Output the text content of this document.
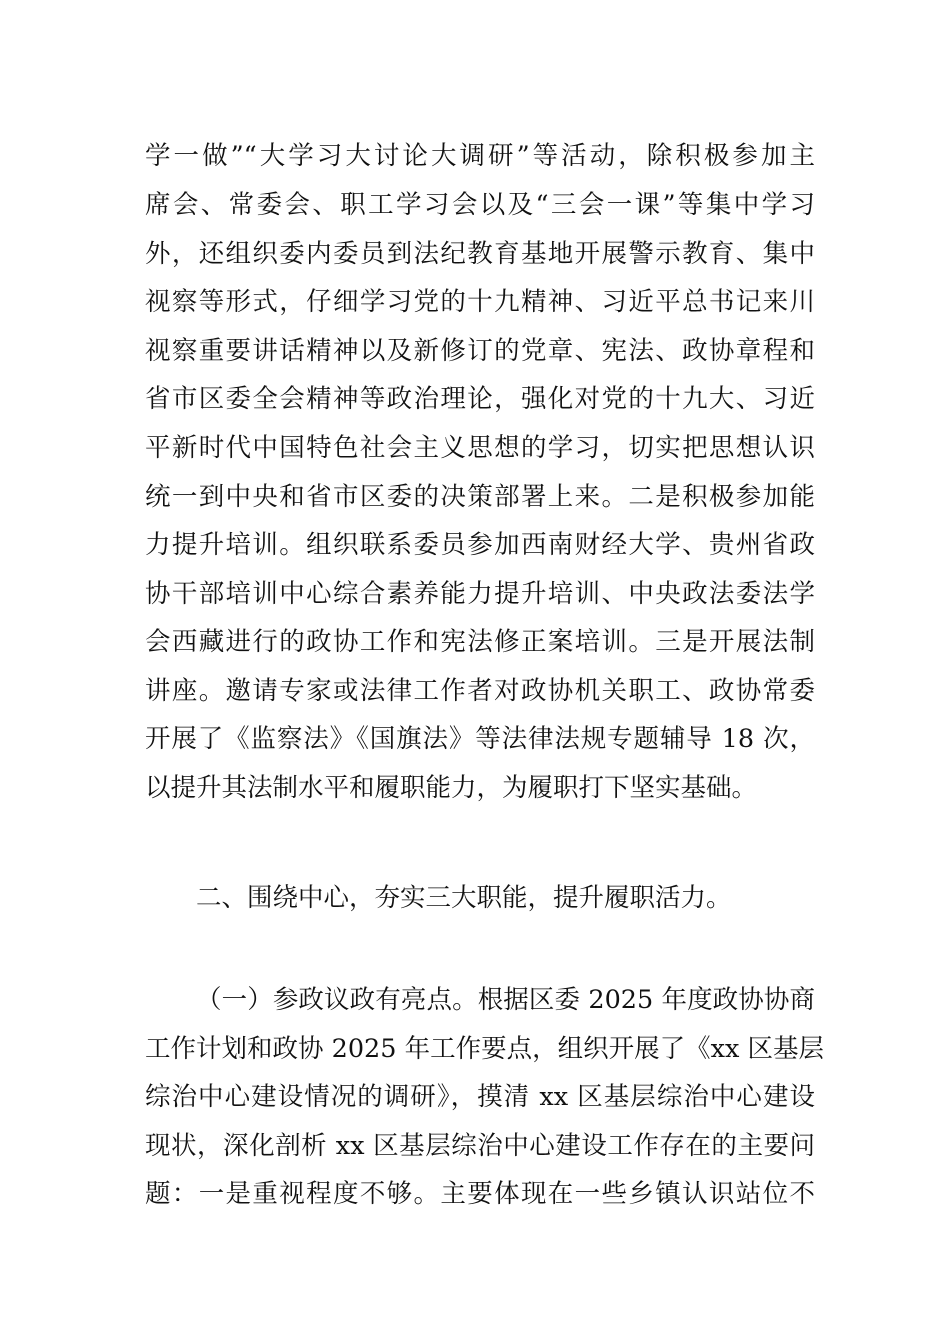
学一做”“大学习大讨论大调研”等活动，除积极参加主
席会、常委会、职工学习会以及“三会一课”等集中学习
外，还组织委内委员到法纪教育基地开展警示教育、集中
视察等形式，仔细学习党的十九精神、习近平总书记来川
视察重要讲话精神以及新修订的党章、宪法、政协章程和
省市区委全会精神等政治理论，强化对党的十九大、习近
平新时代中国特色社会主义思想的学习，切实把思想认识
统一到中央和省市区委的决策部署上来。二是积极参加能
力提升培训。组织联系委员参加西南财经大学、贵州省政
协干部培训中心综合素养能力提升培训、中央政法委法学
会西藏进行的政协工作和宪法修正案培训。三是开展法制
讲座。邀请专家或法律工作者对政协机关职工、政协常委
开展了《监察法》《国旗法》等法律法规专题辅导 18 次，
以提升其法制水平和履职能力，为履职打下坚实基础。
二、围绕中心，夯实三大职能，提升履职活力。
（一）参政议政有亮点。根据区委 2025 年度政协协商
工作计划和政协 2025 年工作要点，组织开展了《xx 区基层
综治中心建设情况的调研》，摸清 xx 区基层综治中心建设
现状，深化剖析 xx 区基层综治中心建设工作存在的主要问
题：一是重视程度不够。主要体现在一些乡镇认识站位不
